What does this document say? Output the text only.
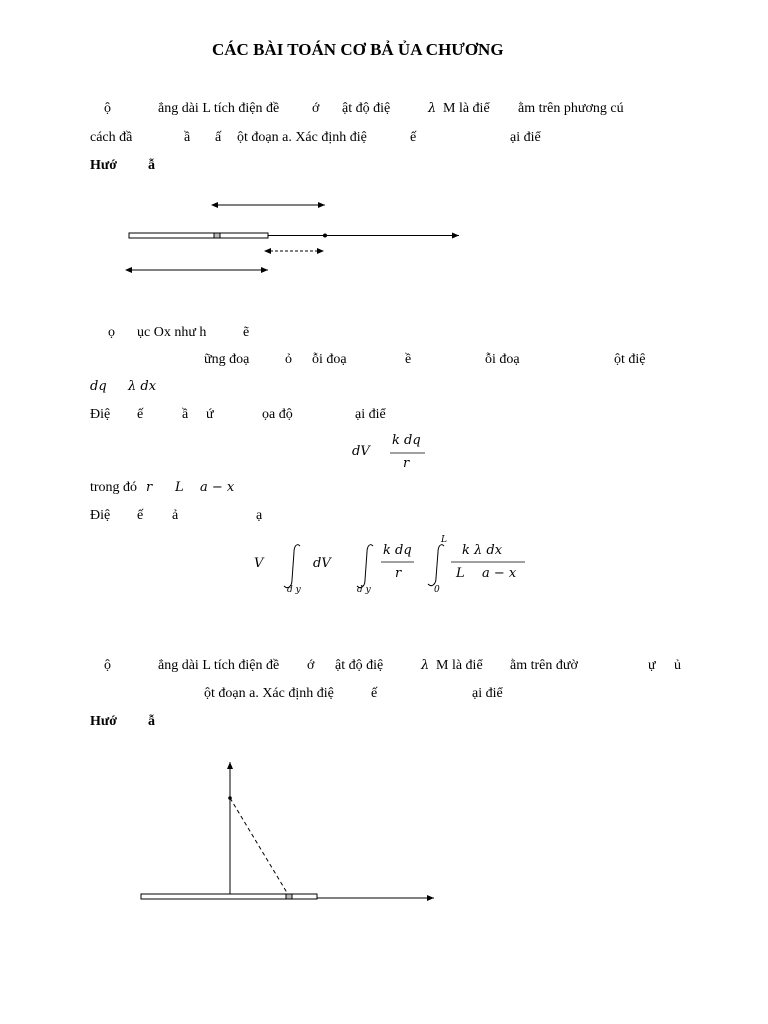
CÁC BÀI TOÁN CƠ BẢ ỦA CHƯƠNG
ộ	ẳng dài L tích điện đề ớ ật độ điệ	λ M là điể ằm trên phương cú
cách đầ	ầ ấ ột đoạn a. Xác định điệ	ế	ại điể
Hướ ẫ
ọ ục Ox như h	ẽ
ững đoạ	ỏ ỗi đoạ	ề	ỗi đoạ	ột điệ
dq λ dx
Điệ ế	ầ ứ	ọa độ	ại điể
dV
k dq
r
trong đó r L a − x
Điệ ế ả	ạ
V	dV
d y
k dq
r
d y
L
0
k λ dx
L a − x
ộ	ẳng dài L tích điện đề ớ ật độ điệ	λ M là điể ằm trên đườ	ự ủ
ột đoạn a. Xác định điệ	ế	ại điể
Hướ ẫ
